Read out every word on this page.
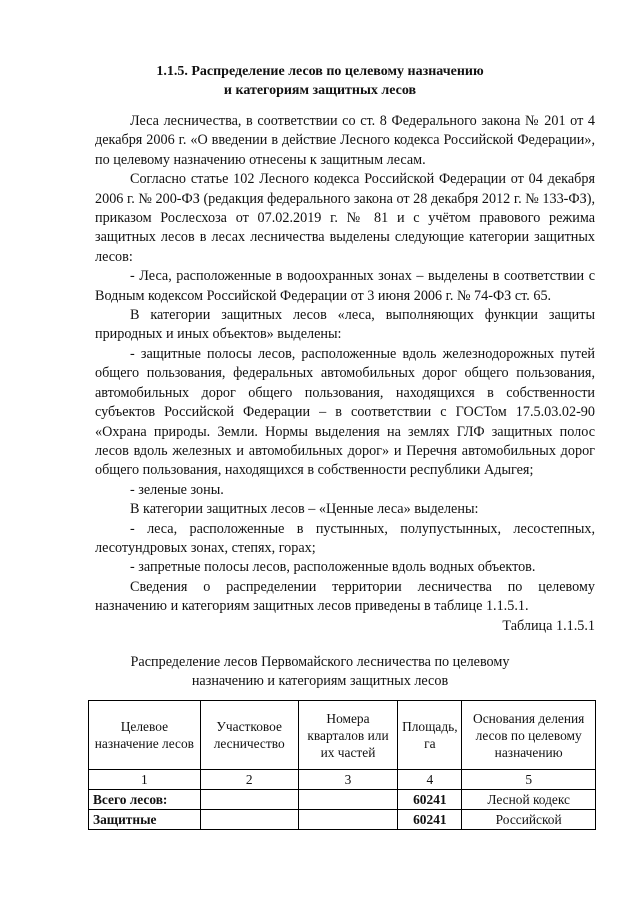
1.1.5. Распределение лесов по целевому назначению
и категориям защитных лесов

Леса лесничества, в соответствии со ст. 8 Федерального закона № 201 от 4 декабря 2006 г. «О введении в действие Лесного кодекса Российской Федерации», по целевому назначению отнесены к защитным лесам.

Согласно статье 102 Лесного кодекса Российской Федерации от 04 декабря 2006 г. № 200-ФЗ (редакция федерального закона от 28 декабря 2012 г. № 133-ФЗ), приказом Рослесхоза от 07.02.2019 г. № 81 и с учётом правового режима защитных лесов в лесах лесничества выделены следующие категории защитных лесов:

- Леса, расположенные в водоохранных зонах – выделены в соответствии с Водным кодексом Российской Федерации от 3 июня 2006 г. № 74-ФЗ ст. 65.

В категории защитных лесов «леса, выполняющих функции защиты природных и иных объектов» выделены:

- защитные полосы лесов, расположенные вдоль железнодорожных путей общего пользования, федеральных автомобильных дорог общего пользования, автомобильных дорог общего пользования, находящихся в собственности субъектов Российской Федерации – в соответствии с ГОСТом 17.5.03.02-90 «Охрана природы. Земли. Нормы выделения на землях ГЛФ защитных полос лесов вдоль железных и автомобильных дорог» и Перечня автомобильных дорог общего пользования, находящихся в собственности республики Адыгея;

- зеленые зоны.

В категории защитных лесов – «Ценные леса» выделены:

- леса, расположенные в пустынных, полупустынных, лесостепных, лесотундровых зонах, степях, горах;

- запретные полосы лесов, расположенные вдоль водных объектов.

Сведения о распределении территории лесничества по целевому назначению и категориям защитных лесов приведены в таблице 1.1.5.1.

Таблица 1.1.5.1
Распределение лесов Первомайского лесничества по целевому
назначению и категориям защитных лесов
Целевое назначение лесов	Участковое лесничество	Номера кварталов или их частей	Площадь, га	Основания деления лесов по целевому назначению
1	2	3	4	5
Всего лесов:			60241	Лесной кодекс
Защитные			60241	Российской
